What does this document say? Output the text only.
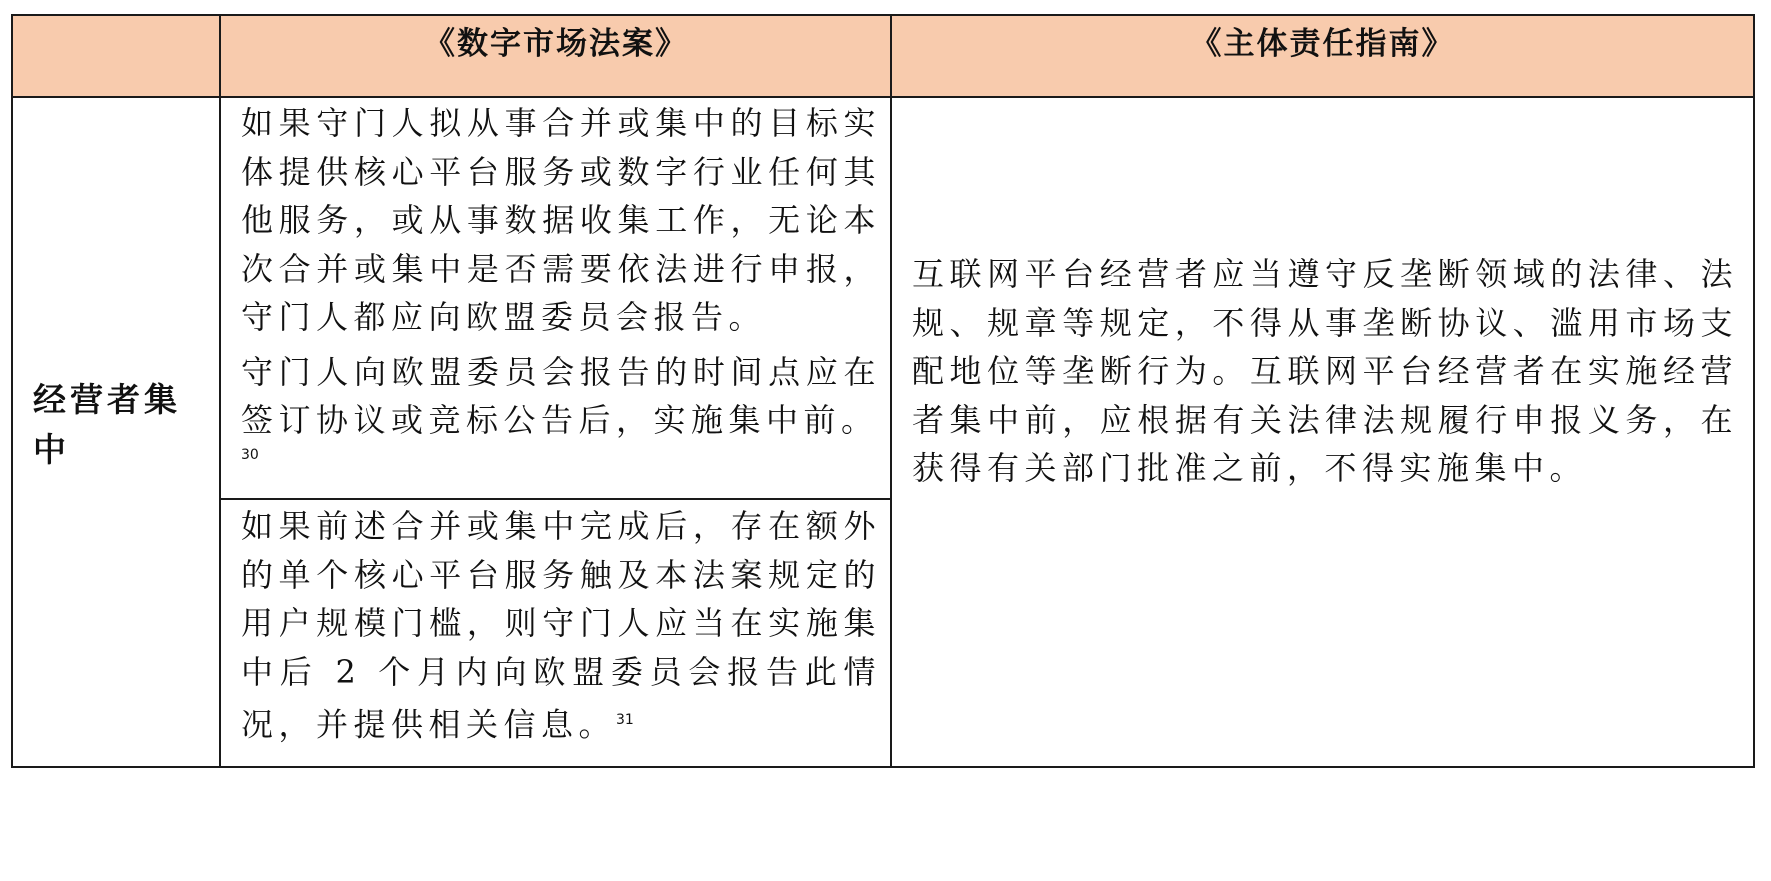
《数字市场法案》	《主体责任指南》
经营者集中

如果守门人拟从事合并或集中的目标实体提供核心平台服务或数字行业任何其他服务，或从事数据收集工作，无论本次合并或集中是否需要依法进行申报，守门人都应向欧盟委员会报告。

守门人向欧盟委员会报告的时间点应在签订协议或竞标公告后，实施集中前。

30
如果前述合并或集中完成后，存在额外的单个核心平台服务触及本法案规定的用户规模门槛，则守门人应当在实施集中后 2 个月内向欧盟委员会报告此情况，并提供相关信息。$^{31}$

互联网平台经营者应当遵守反垄断领域的法律、法规、规章等规定，不得从事垄断协议、滥用市场支配地位等垄断行为。互联网平台经营者在实施经营者集中前，应根据有关法律法规履行申报义务，在获得有关部门批准之前，不得实施集中。
